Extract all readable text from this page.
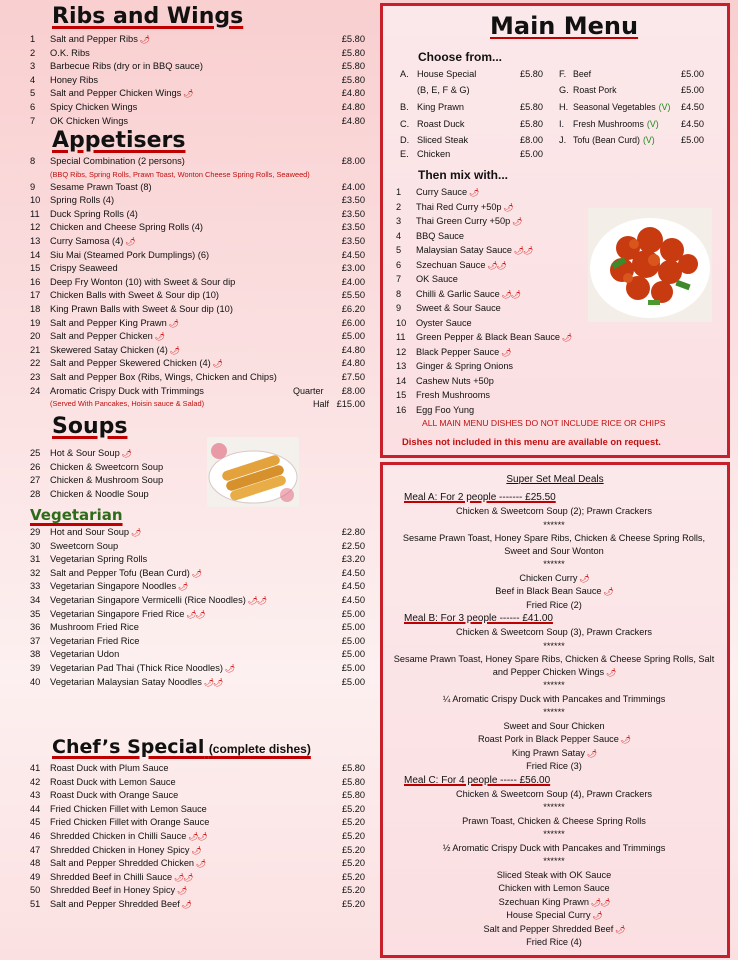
Ribs and Wings
1	Salt and Pepper Ribs 🌶	£5.80
2	O.K. Ribs	£5.80
3	Barbecue Ribs (dry or in BBQ sauce)	£5.80
4	Honey Ribs	£5.80
5	Salt and Pepper Chicken Wings 🌶	£4.80
6	Spicy Chicken Wings	£4.80
7	OK Chicken Wings	£4.80
Appetisers
8	Special Combination (2 persons)	£8.00
(BBQ Ribs, Spring Rolls, Prawn Toast, Wonton Cheese Spring Rolls, Seaweed)
9	Sesame Prawn Toast (8)	£4.00
10	Spring Rolls (4)	£3.50
11	Duck Spring Rolls (4)	£3.50
12	Chicken and Cheese Spring Rolls (4)	£3.50
13	Curry Samosa (4) 🌶	£3.50
14	Siu Mai (Steamed Pork Dumplings) (6)	£4.50
15	Crispy Seaweed	£3.00
16	Deep Fry Wonton (10) with Sweet & Sour dip	£4.00
17	Chicken Balls with Sweet & Sour dip (10)	£5.50
18	King Prawn Balls with Sweet & Sour dip (10)	£6.20
19	Salt and Pepper King Prawn 🌶	£6.00
20	Salt and Pepper Chicken 🌶	£5.00
21	Skewered Satay Chicken (4) 🌶	£4.80
22	Salt and Pepper Skewered Chicken (4) 🌶	£4.80
23	Salt and Pepper Box (Ribs, Wings, Chicken and Chips)	£7.50
24	Aromatic Crispy Duck with Trimmings	Quarter	£8.00
(Served With Pancakes, Hoisin sauce & Salad)	Half £15.00
Soups
25	Hot & Sour Soup 🌶
26	Chicken & Sweetcorn Soup
27	Chicken & Mushroom Soup
28	Chicken & Noodle Soup
Vegetarian
29	Hot and Sour Soup 🌶	£2.80
30	Sweetcorn Soup	£2.50
31	Vegetarian Spring Rolls	£3.20
32	Salt and Pepper Tofu (Bean Curd) 🌶	£4.50
33	Vegetarian Singapore Noodles 🌶	£4.50
34	Vegetarian Singapore Vermicelli (Rice Noodles) 🌶🌶	£4.50
35	Vegetarian Singapore Fried Rice 🌶🌶	£5.00
36	Mushroom Fried Rice	£5.00
37	Vegetarian Fried Rice	£5.00
38	Vegetarian Udon	£5.00
39	Vegetarian Pad Thai (Thick Rice Noodles) 🌶	£5.00
40	Vegetarian Malaysian Satay Noodles 🌶🌶	£5.00
Chef’s Special (complete dishes)
41	Roast Duck with Plum Sauce	£5.80
42	Roast Duck with Lemon Sauce	£5.80
43	Roast Duck with Orange Sauce	£5.80
44	Fried Chicken Fillet with Lemon Sauce	£5.20
45	Fried Chicken Fillet with Orange Sauce	£5.20
46	Shredded Chicken in Chilli Sauce 🌶🌶	£5.20
47	Shredded Chicken in Honey Spicy 🌶	£5.20
48	Salt and Pepper Shredded Chicken 🌶	£5.20
49	Shredded Beef in Chilli Sauce 🌶🌶	£5.20
50	Shredded Beef in Honey Spicy 🌶	£5.20
51	Salt and Pepper Shredded Beef 🌶	£5.20
Main Menu
Choose from...
A. House Special	£5.80
(B, E, F & G)
B. King Prawn	£5.80
C. Roast Duck	£5.80
D. Sliced Steak	£8.00
E. Chicken	£5.00
F. Beef	£5.00
G. Roast Pork	£5.00
H. Seasonal Vegetables (V) £4.50
I. Fresh Mushrooms (V) £4.50
J. Tofu (Bean Curd) (V)	£5.00
Then mix with...
1	Curry Sauce 🌶
2	Thai Red Curry +50p 🌶
3	Thai Green Curry +50p 🌶
4	BBQ Sauce
5	Malaysian Satay Sauce 🌶🌶
6	Szechuan Sauce 🌶🌶
7	OK Sauce
8	Chilli & Garlic Sauce 🌶🌶
9	Sweet & Sour Sauce
10	Oyster Sauce
11	Green Pepper & Black Bean Sauce 🌶
12	Black Pepper Sauce 🌶
13	Ginger & Spring Onions
14	Cashew Nuts +50p
15	Fresh Mushrooms
16	Egg Foo Yung
ALL MAIN MENU DISHES DO NOT INCLUDE RICE OR CHIPS
Dishes not included in this menu are available on request.
Super Set Meal Deals
Meal A: For 2 people ------- £25.50
Chicken & Sweetcorn Soup (2); Prawn Crackers
******
Sesame Prawn Toast, Honey Spare Ribs, Chicken & Cheese Spring Rolls, Sweet and Sour Wonton
******
Chicken Curry 🌶
Beef in Black Bean Sauce 🌶
Fried Rice (2)
Meal B: For 3 people ------ £41.00
Chicken & Sweetcorn Soup (3), Prawn Crackers
******
Sesame Prawn Toast, Honey Spare Ribs, Chicken & Cheese Spring Rolls, Salt and Pepper Chicken Wings 🌶
******
¼ Aromatic Crispy Duck with Pancakes and Trimmings
******
Sweet and Sour Chicken
Roast Pork in Black Pepper Sauce 🌶
King Prawn Satay 🌶
Fried Rice (3)
Meal C: For 4 people ----- £56.00
Chicken & Sweetcorn Soup (4), Prawn Crackers
******
Prawn Toast, Chicken & Cheese Spring Rolls
******
½ Aromatic Crispy Duck with Pancakes and Trimmings
******
Sliced Steak with OK Sauce
Chicken with Lemon Sauce
Szechuan King Prawn 🌶🌶
House Special Curry 🌶
Salt and Pepper Shredded Beef 🌶
Fried Rice (4)
